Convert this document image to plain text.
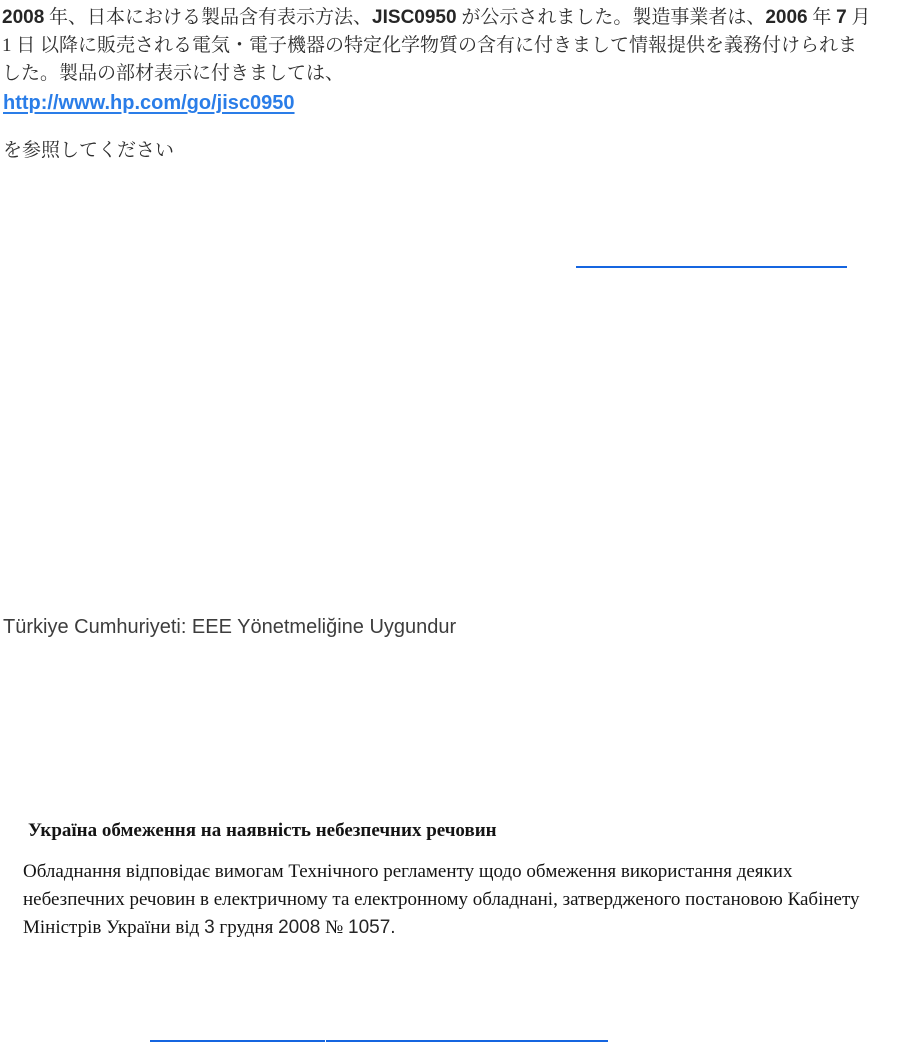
2008 年、日本における製品含有表示方法、JISC0950 が公示されました。製造事業者は、2006 年 7 月
1 日 以降に販売される電気・電子機器の特定化学物質の含有に付きまして情報提供を義務付けられま
した。製品の部材表示に付きましては、
http://www.hp.com/go/jisc0950
を参照してください
Türkiye Cumhuriyeti: EEE Yönetmeliğine Uygundur
Україна обмеження на наявність небезпечних речовин
Обладнання відповідає вимогам Технічного регламенту щодо обмеження використання деяких
небезпечних речовин в електричному та електронному обладнані, затвердженого постановою Кабінету
Міністрів України від 3 грудня 2008 № 1057.
